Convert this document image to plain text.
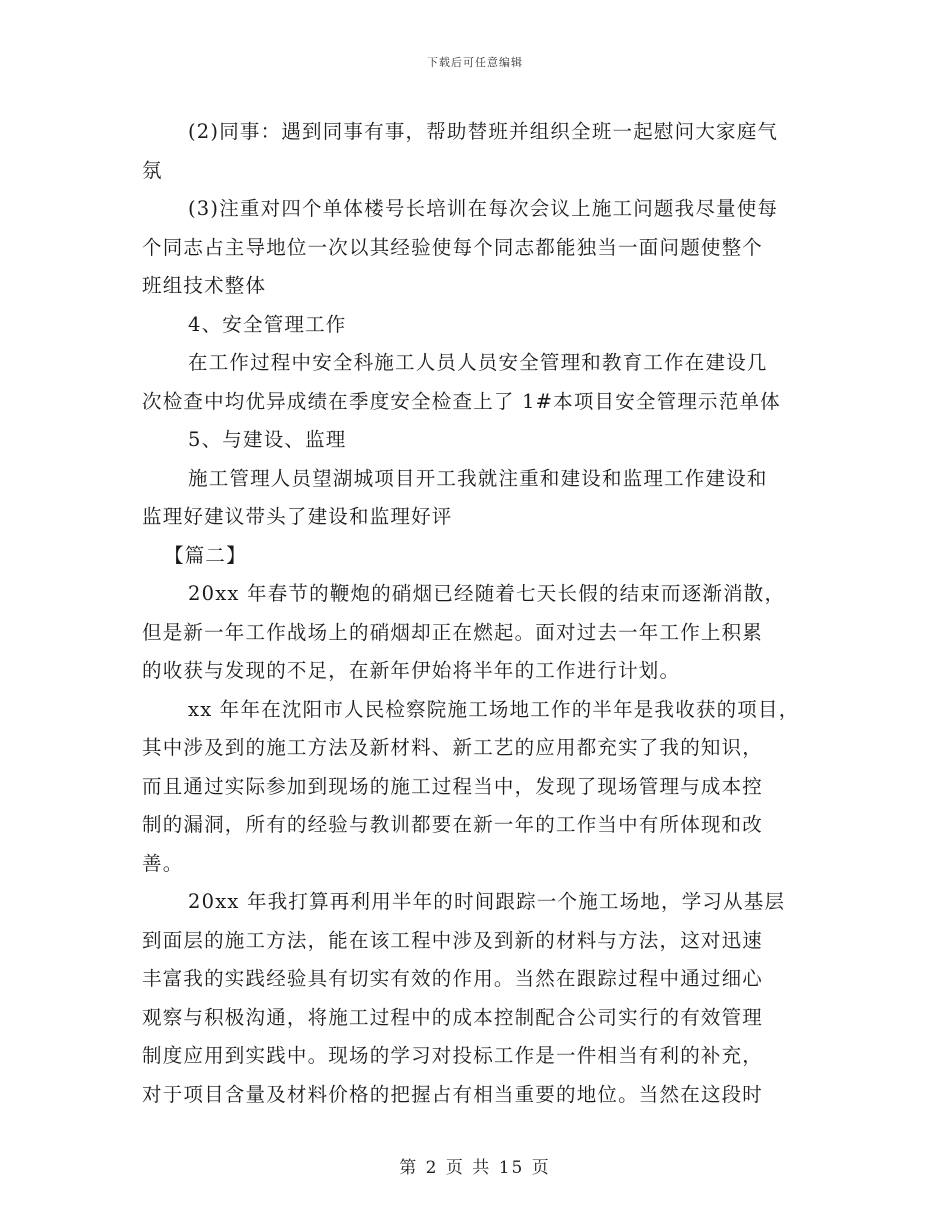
下载后可任意编辑
(2)同事：遇到同事有事，帮助替班并组织全班一起慰问大家庭气
氛
(3)注重对四个单体楼号长培训在每次会议上施工问题我尽量使每
个同志占主导地位一次以其经验使每个同志都能独当一面问题使整个
班组技术整体
4、安全管理工作
在工作过程中安全科施工人员人员安全管理和教育工作在建设几
次检查中均优异成绩在季度安全检查上了 1#本项目安全管理示范单体
5、与建设、监理
施工管理人员望湖城项目开工我就注重和建设和监理工作建设和
监理好建议带头了建设和监理好评
【篇二】
20xx 年春节的鞭炮的硝烟已经随着七天长假的结束而逐渐消散，
但是新一年工作战场上的硝烟却正在燃起。面对过去一年工作上积累
的收获与发现的不足，在新年伊始将半年的工作进行计划。
xx 年年在沈阳市人民检察院施工场地工作的半年是我收获的项目，
其中涉及到的施工方法及新材料、新工艺的应用都充实了我的知识，
而且通过实际参加到现场的施工过程当中，发现了现场管理与成本控
制的漏洞，所有的经验与教训都要在新一年的工作当中有所体现和改
善。
20xx 年我打算再利用半年的时间跟踪一个施工场地，学习从基层
到面层的施工方法，能在该工程中涉及到新的材料与方法，这对迅速
丰富我的实践经验具有切实有效的作用。当然在跟踪过程中通过细心
观察与积极沟通，将施工过程中的成本控制配合公司实行的有效管理
制度应用到实践中。现场的学习对投标工作是一件相当有利的补充，
对于项目含量及材料价格的把握占有相当重要的地位。当然在这段时
第 2 页 共 15 页
